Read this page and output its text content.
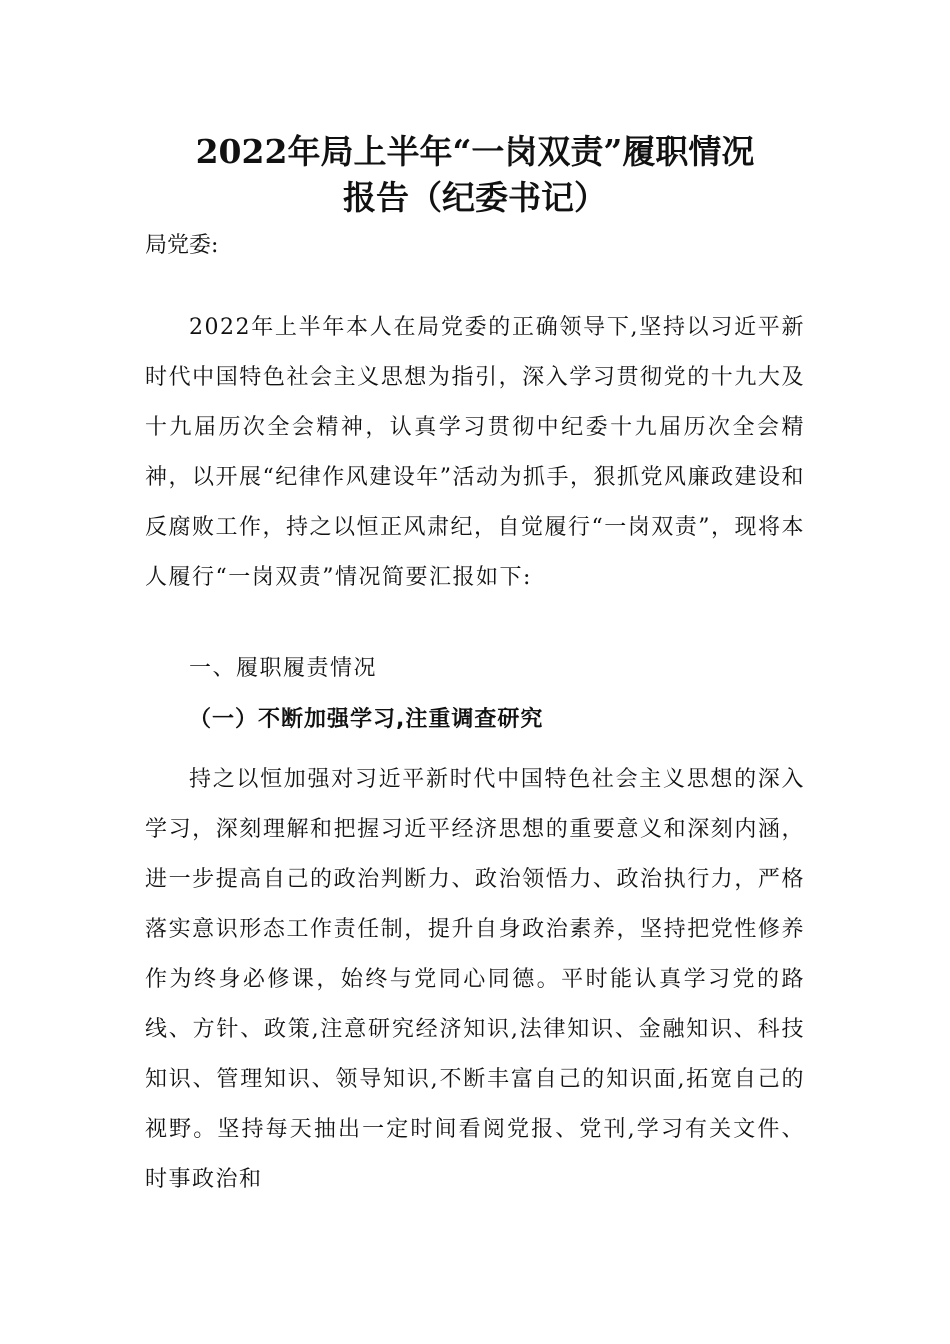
2022年局上半年“一岗双责”履职情况
报告（纪委书记）
局党委:

2022年上半年本人在局党委的正确领导下,坚持以习近平新时代中国特色社会主义思想为指引，深入学习贯彻党的十九大及十九届历次全会精神，认真学习贯彻中纪委十九届历次全会精神，以开展“纪律作风建设年”活动为抓手，狠抓党风廉政建设和反腐败工作，持之以恒正风肃纪，自觉履行“一岗双责”，现将本人履行“一岗双责”情况简要汇报如下:

一、履职履责情况
（一）不断加强学习,注重调查研究

持之以恒加强对习近平新时代中国特色社会主义思想的深入学习，深刻理解和把握习近平经济思想的重要意义和深刻内涵，进一步提高自己的政治判断力、政治领悟力、政治执行力，严格落实意识形态工作责任制，提升自身政治素养，坚持把党性修养作为终身必修课，始终与党同心同德。平时能认真学习党的路线、方针、政策,注意研究经济知识,法律知识、金融知识、科技知识、管理知识、领导知识,不断丰富自己的知识面,拓宽自己的视野。坚持每天抽出一定时间看阅党报、党刊,学习有关文件、时事政治和
